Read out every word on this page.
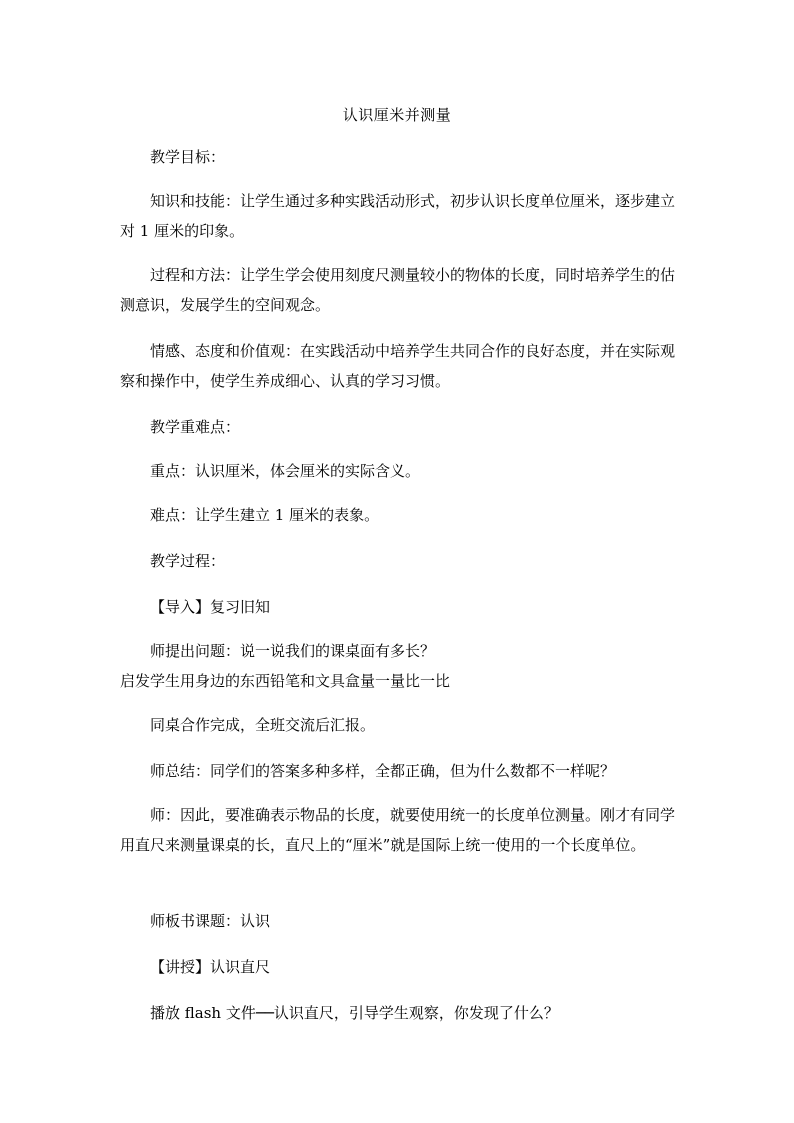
认识厘米并测量

教学目标：

知识和技能：让学生通过多种实践活动形式，初步认识长度单位厘米，逐步建立对 1 厘米的印象。

过程和方法：让学生学会使用刻度尺测量较小的物体的长度，同时培养学生的估测意识，发展学生的空间观念。

情感、态度和价值观：在实践活动中培养学生共同合作的良好态度，并在实际观察和操作中，使学生养成细心、认真的学习习惯。

教学重难点：

重点：认识厘米，体会厘米的实际含义。

难点：让学生建立 1 厘米的表象。

教学过程：

【导入】复习旧知

师提出问题：说一说我们的课桌面有多长？

启发学生用身边的东西铅笔和文具盒量一量比一比

同桌合作完成，全班交流后汇报。

师总结：同学们的答案多种多样，全都正确，但为什么数都不一样呢？

师：因此，要准确表示物品的长度，就要使用统一的长度单位测量。刚才有同学用直尺来测量课桌的长，直尺上的“厘米”就是国际上统一使用的一个长度单位。

师板书课题：认识

【讲授】认识直尺

播放 flash 文件──认识直尺，引导学生观察，你发现了什么？
